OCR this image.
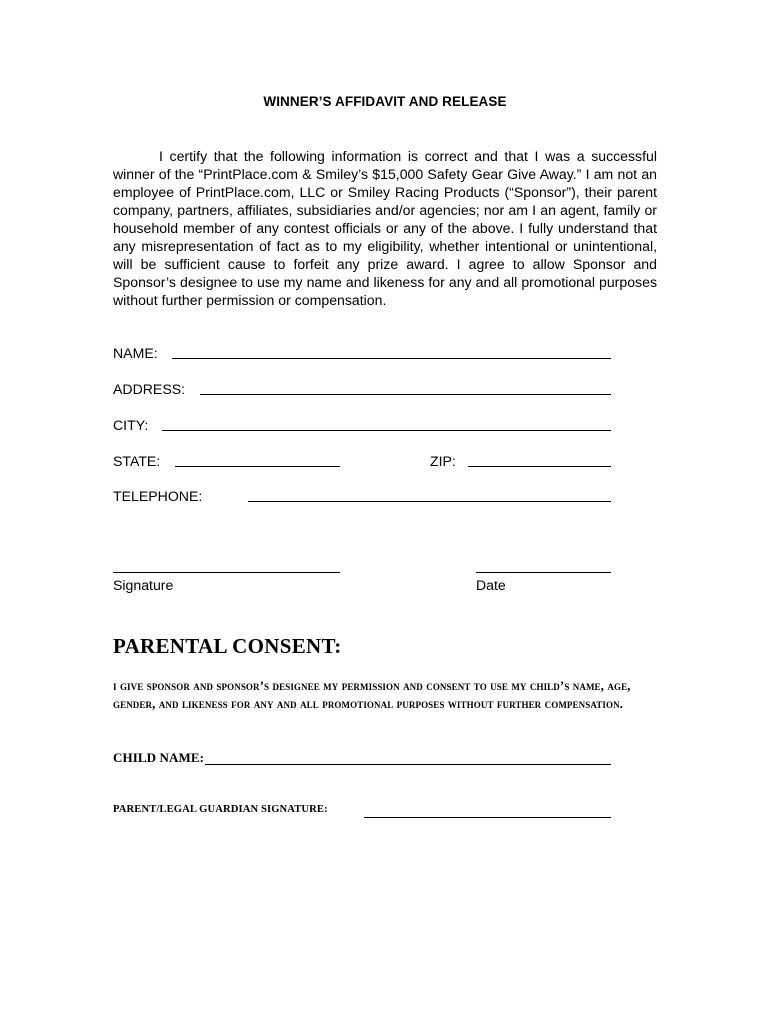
WINNER’S AFFIDAVIT AND RELEASE

I certify that the following information is correct and that I was a successful winner of the “PrintPlace.com & Smiley’s $15,000 Safety Gear Give Away.” I am not an employee of PrintPlace.com, LLC or Smiley Racing Products (“Sponsor”), their parent company, partners, affiliates, subsidiaries and/or agencies; nor am I an agent, family or household member of any contest officials or any of the above. I fully understand that any misrepresentation of fact as to my eligibility, whether intentional or unintentional, will be sufficient cause to forfeit any prize award. I agree to allow Sponsor and Sponsor’s designee to use my name and likeness for any and all promotional purposes without further permission or compensation.

NAME:
ADDRESS:
CITY:
STATE:	ZIP:
TELEPHONE:
Signature	Date
PARENTAL CONSENT:

i give sponsor and sponsor’s designee my permission and consent to use my child’s name, age, gender, and likeness for any and all promotional purposes without further compensation.

CHILD NAME:
PARENT/LEGAL GUARDIAN SIGNATURE:
